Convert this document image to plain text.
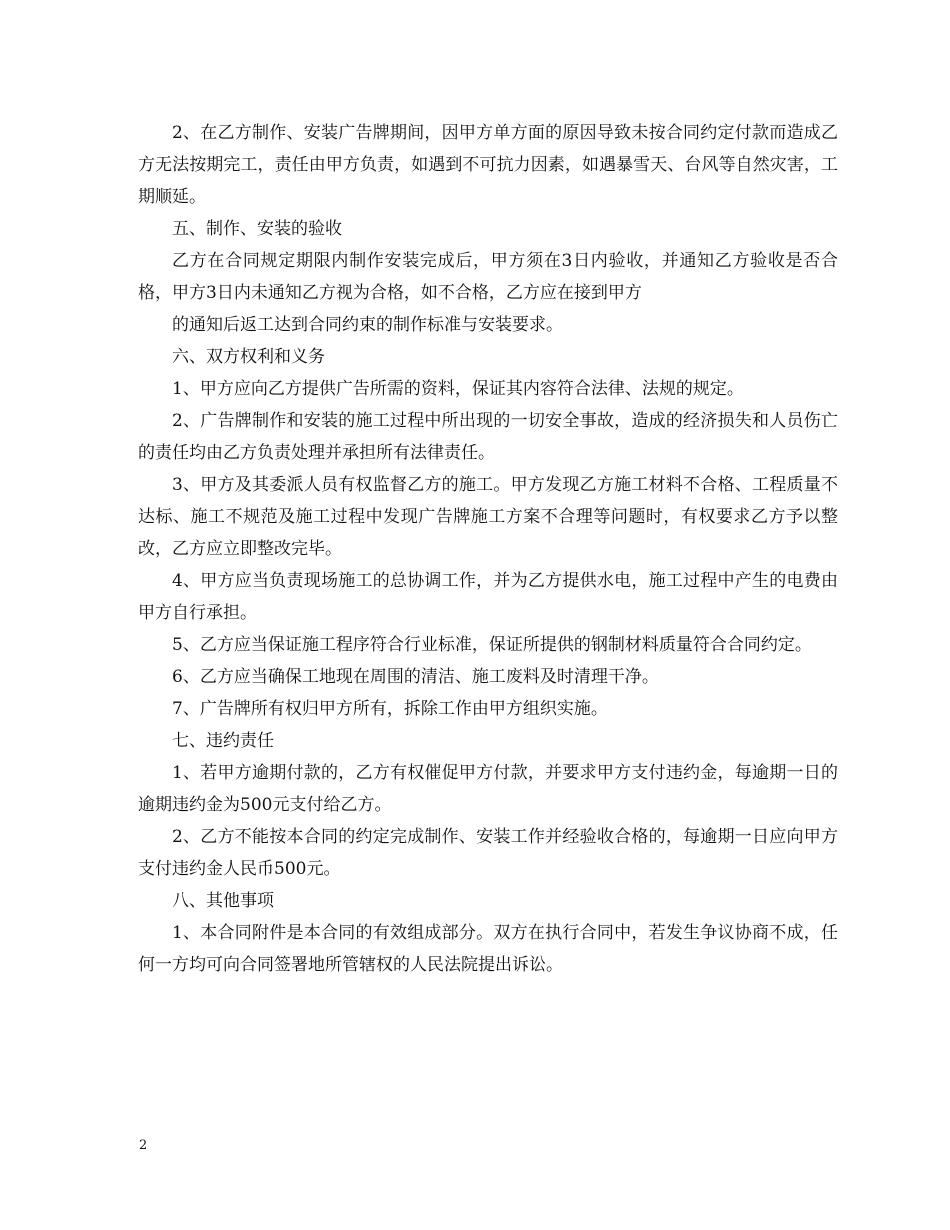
2、在乙方制作、安装广告牌期间，因甲方单方面的原因导致未按合同约定付款而造成乙方无法按期完工，责任由甲方负责，如遇到不可抗力因素，如遇暴雪天、台风等自然灾害，工期顺延。

五、制作、安装的验收

乙方在合同规定期限内制作安装完成后，甲方须在3日内验收，并通知乙方验收是否合格，甲方3日内未通知乙方视为合格，如不合格，乙方应在接到甲方

的通知后返工达到合同约束的制作标准与安装要求。

六、双方权利和义务

1、甲方应向乙方提供广告所需的资料，保证其内容符合法律、法规的规定。

2、广告牌制作和安装的施工过程中所出现的一切安全事故，造成的经济损失和人员伤亡的责任均由乙方负责处理并承担所有法律责任。

3、甲方及其委派人员有权监督乙方的施工。甲方发现乙方施工材料不合格、工程质量不达标、施工不规范及施工过程中发现广告牌施工方案不合理等问题时，有权要求乙方予以整改，乙方应立即整改完毕。

4、甲方应当负责现场施工的总协调工作，并为乙方提供水电，施工过程中产生的电费由甲方自行承担。

5、乙方应当保证施工程序符合行业标准，保证所提供的钢制材料质量符合合同约定。

6、乙方应当确保工地现在周围的清洁、施工废料及时清理干净。

7、广告牌所有权归甲方所有，拆除工作由甲方组织实施。

七、违约责任

1、若甲方逾期付款的，乙方有权催促甲方付款，并要求甲方支付违约金，每逾期一日的逾期违约金为500元支付给乙方。

2、乙方不能按本合同的约定完成制作、安装工作并经验收合格的，每逾期一日应向甲方支付违约金人民币500元。

八、其他事项

1、本合同附件是本合同的有效组成部分。双方在执行合同中，若发生争议协商不成，任何一方均可向合同签署地所管辖权的人民法院提出诉讼。

2
